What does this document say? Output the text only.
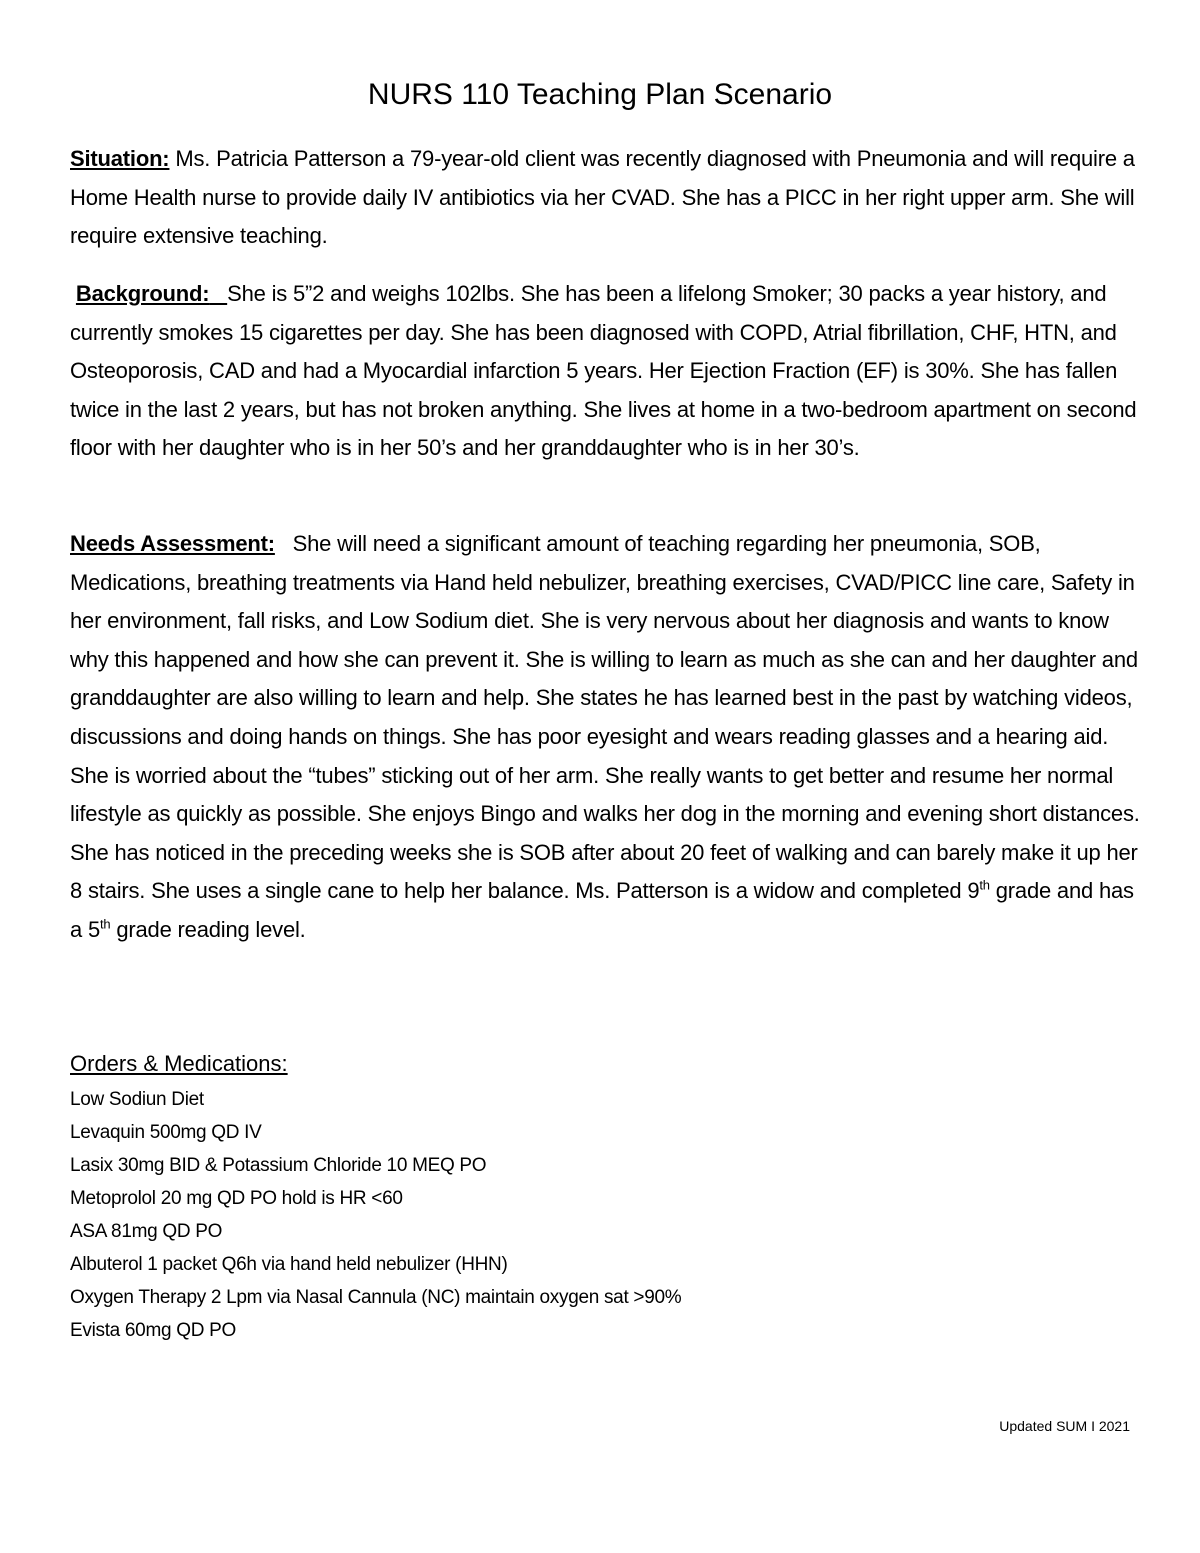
NURS 110 Teaching Plan Scenario

Situation: Ms. Patricia Patterson a 79-year-old client was recently diagnosed with Pneumonia and will require a Home Health nurse to provide daily IV antibiotics via her CVAD. She has a PICC in her right upper arm. She will require extensive teaching.

Background: She is 5”2 and weighs 102lbs. She has been a lifelong Smoker; 30 packs a year history, and currently smokes 15 cigarettes per day. She has been diagnosed with COPD, Atrial fibrillation, CHF, HTN, and Osteoporosis, CAD and had a Myocardial infarction 5 years. Her Ejection Fraction (EF) is 30%. She has fallen twice in the last 2 years, but has not broken anything. She lives at home in a two-bedroom apartment on second floor with her daughter who is in her 50’s and her granddaughter who is in her 30’s.

Needs Assessment: She will need a significant amount of teaching regarding her pneumonia, SOB, Medications, breathing treatments via Hand held nebulizer, breathing exercises, CVAD/PICC line care, Safety in her environment, fall risks, and Low Sodium diet. She is very nervous about her diagnosis and wants to know why this happened and how she can prevent it. She is willing to learn as much as she can and her daughter and granddaughter are also willing to learn and help. She states he has learned best in the past by watching videos, discussions and doing hands on things. She has poor eyesight and wears reading glasses and a hearing aid. She is worried about the “tubes” sticking out of her arm. She really wants to get better and resume her normal lifestyle as quickly as possible. She enjoys Bingo and walks her dog in the morning and evening short distances. She has noticed in the preceding weeks she is SOB after about 20 feet of walking and can barely make it up her 8 stairs. She uses a single cane to help her balance. Ms. Patterson is a widow and completed 9th grade and has a 5th grade reading level.

Orders & Medications:
Low Sodiun Diet
Levaquin 500mg QD IV
Lasix 30mg BID & Potassium Chloride 10 MEQ PO
Metoprolol 20 mg QD PO hold is HR <60
ASA 81mg QD PO
Albuterol 1 packet Q6h via hand held nebulizer (HHN)
Oxygen Therapy 2 Lpm via Nasal Cannula (NC) maintain oxygen sat >90%
Evista 60mg QD PO
Updated SUM I 2021
